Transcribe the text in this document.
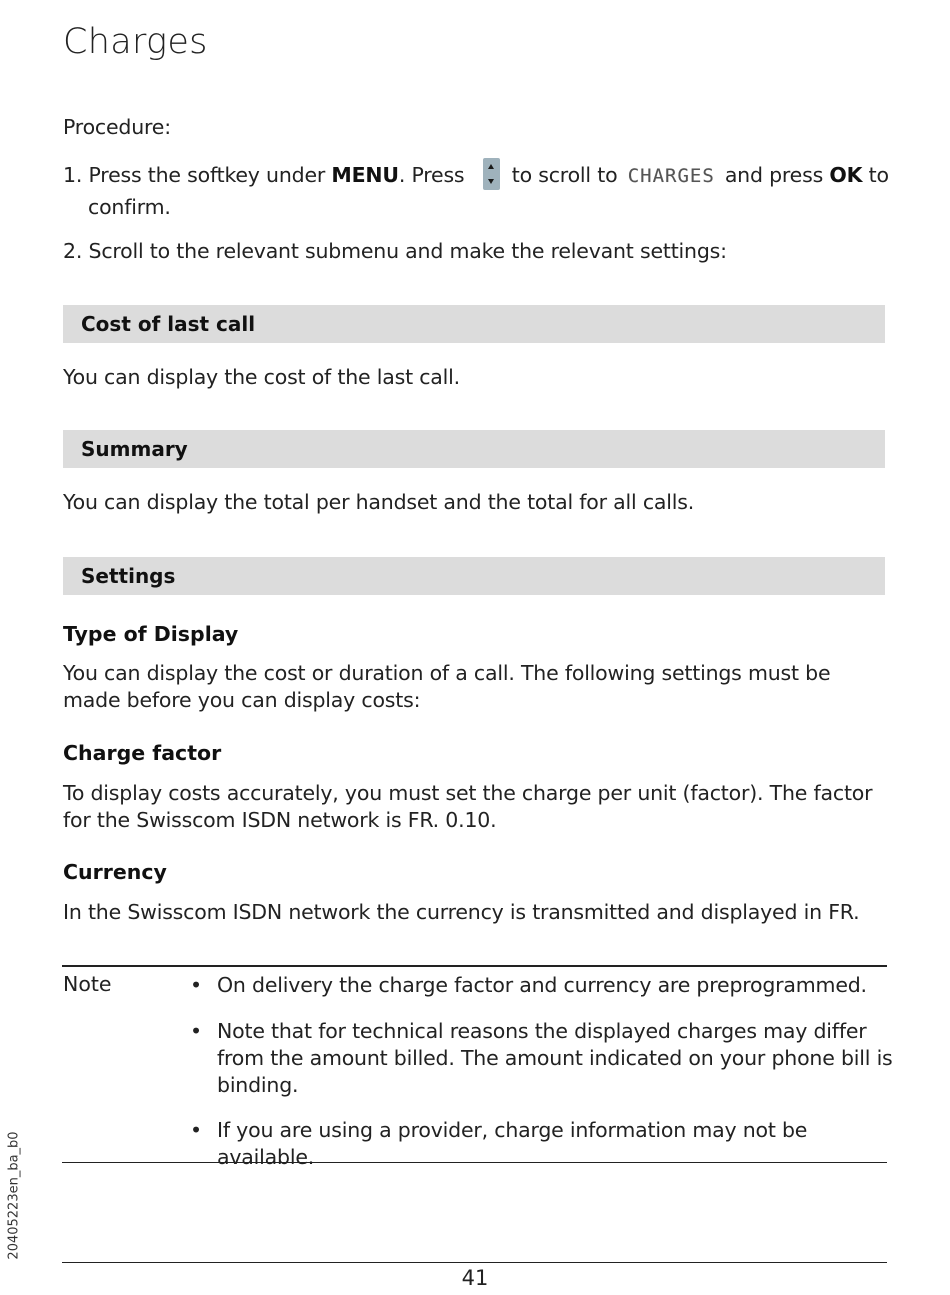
Charges
Procedure:
1. Press the softkey under MENU. Press to scroll to CHARGES and press OK to
confirm.
2. Scroll to the relevant submenu and make the relevant settings:
Cost of last call
You can display the cost of the last call.
Summary
You can display the total per handset and the total for all calls.
Settings
Type of Display
You can display the cost or duration of a call. The following settings must be made before you can display costs:
Charge factor
To display costs accurately, you must set the charge per unit (factor). The factor for the Swisscom ISDN network is FR. 0.10.
Currency
In the Swisscom ISDN network the currency is transmitted and displayed in FR.
Note	• On delivery the charge factor and currency are preprogrammed.
• Note that for technical reasons the displayed charges may differ from the amount billed. The amount indicated on your phone bill is binding.
• If you are using a provider, charge information may not be available.
20405223en_ba_b0
41
